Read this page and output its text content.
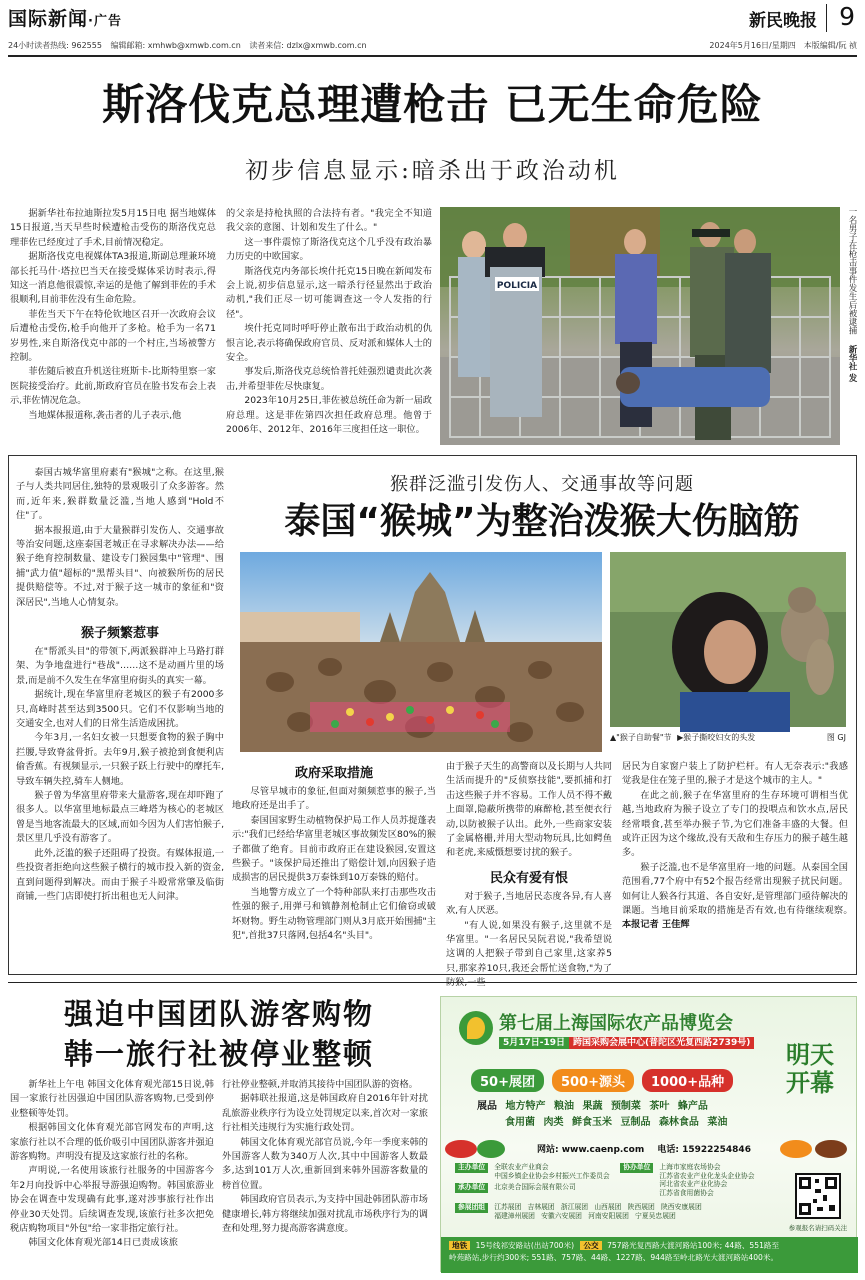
国际新闻·广告	新民晚报 9
24小时读者热线: 962555 编辑邮箱: xmhwb@xmwb.com.cn 读者来信: dzlx@xmwb.com.cn	2024年5月16日/星期四　 本版编辑/阮 祯
斯洛伐克总理遭枪击 已无生命危险
初步信息显示:暗杀出于政治动机

据新华社布拉迪斯拉发5月15日电 据当地媒体15日报道,当天早些时候遭枪击受伤的斯洛伐克总理菲佐已经度过了手术,目前情况稳定。

据斯洛伐克电视媒体TA3报道,斯副总理兼环境部长托马什·塔拉巴当天在接受媒体采访时表示,得知这一消息他很震惊,幸运的是他了解到菲佐的手术很顺利,目前菲佐没有生命危险。

菲佐当天下午在特伦钦地区召开一次政府会议后遭枪击受伤,枪手向他开了多枪。枪手为一名71岁男性,来自斯洛伐克中部的一个村庄,当场被警方控制。

菲佐随后被直升机送往班斯卡-比斯特里察一家医院接受治疗。此前,斯政府官员在脸书发布会上表示,菲佐情况危急。

当地媒体报道称,袭击者的儿子表示,他

的父亲是持枪执照的合法持有者。"我完全不知道我父亲的意图、计划和发生了什么。"

这一事件震惊了斯洛伐克这个几乎没有政治暴力历史的中欧国家。

斯洛伐克内务部长埃什托克15日晚在新闻发布会上说,初步信息显示,这一暗杀行径显然出于政治动机,"我们正尽一切可能调查这一令人发指的行径"。

埃什托克同时呼吁停止散布出于政治动机的仇恨言论,表示将确保政府官员、反对派和媒体人士的安全。

事发后,斯洛伐克总统恰普托娃强烈谴责此次袭击,并希望菲佐尽快康复。

2023年10月25日,菲佐被总统任命为新一届政府总理。这是菲佐第四次担任政府总理。他曾于2006年、2012年、2016年三度担任这一职位。

POLICIA	一名男子在枪击事件发生后被逮捕 新华社 发

泰国古城华富里府素有"猴城"之称。在这里,猴子与人类共同居住,独特的景观吸引了众多游客。然而,近年来,猴群数量泛滥,当地人感到"Hold不住"了。

据本报报道,由于大量猴群引发伤人、交通事故等治安问题,这座泰国老城正在寻求解决办法——给猴子绝育控制数量、建设专门猴园集中"管理"、围捕"武力值"超标的"黑帮头目"、向被猴所伤的居民提供赔偿等。不过,对于猴子这一城市的象征和"资深居民",当地人心情复杂。

猴群泛滥引发伤人、交通事故等问题
泰国“猴城”为整治泼猴大伤脑筋
▲"猴子自助餐"节 ▶猴子撕咬妇女的头发	图 GJ
猴子频繁惹事

在"帮派头目"的带领下,两派猴群冲上马路打群架、为争地盘进行"巷战"……这不是动画片里的场景,而是前不久发生在华富里府街头的真实一幕。

据统计,现在华富里府老城区的猴子有2000多只,高峰时甚至达到3500只。它们不仅影响当地的交通安全,也对人们的日常生活造成困扰。

今年3月,一名妇女被一只想要食物的猴子胸中拦腰,导致脊盆骨折。去年9月,猴子被抢到食便利店偷香蕉。有视频显示,一只猴子跃上行驶中的摩托车,导致车辆失控,骑车人侧地。

猴子曾为华富里府带来大量游客,现在却吓跑了很多人。以华富里地标最点三峰塔为核心的老城区曾是当地客流最大的区域,而如今因为人们害怕猴子,景区里几乎没有游客了。

此外,泛滥的猴子还阻碍了投资。有媒体报道,一些投资者拒绝向这些猴子横行的城市投入新的资金,直到问题得到解决。而由于猴子斗殴常常肇及临街商铺,一些门店即使打折出租也无人问津。

政府采取措施

尽管早城市的象征,但面对频频惹事的猴子,当地政府还是出手了。

泰国国家野生动植物保护局工作人员苏提蓬表示:"我们已经给华富里老城区事故频发区80%的猴子都做了绝育。目前市政府正在建设猴园,安置这些猴子。"该保护局还推出了赔偿计划,向因猴子造成损害的居民提供3万泰铢到10万泰铢的赔付。

当地警方成立了一个特种部队来打击那些攻击性强的猴子,用弹弓和镇静剂枪制止它们偷窃或破坏财物。野生动物管理部门则从3月底开始围捕"主犯",首批37只落网,包括4名"头目"。

由于猴子天生的高警商以及长期与人共同生活而提升的"反侦察技能",要抓捕和打击这些猴子并不容易。工作人员不得不戴上面罩,隐蔽所携带的麻醉枪,甚至便衣行动,以防被猴子认出。此外,一些商家安装了金属格栅,并用大型动物玩具,比如鳄鱼和老虎,来威慑想要讨扰的猴子。

民众有爱有恨

对于猴子,当地居民态度各异,有人喜欢,有人厌恶。

"有人说,如果没有猴子,这里就不是华富里。"一名居民吴阮君说,"我希望说这调的人把猴子带到自己家里,这家养5只,那家养10只,我还会帮忙送食物,"为了

居民为自家窗户装上了防护栏杆。有人无奈表示:"我感觉我是住在笼子里的,猴子才是这个城市的主人。"

在此之前,猴子在华富里府的生存环境可谓相当优越,当地政府为猴子设立了专门的投喂点和饮水点,居民经常喂食,甚至举办猴子节,为它们准备丰盛的大餐。但或许正因为这个缘故,没有天敌和生存压力的猴子越生越多。

猴子泛滥,也不是华富里府一地的问题。从泰国全国范围看,77个府中有52个报告经常出现猴子扰民问题。如何让人猴各行其道、各自安好,是管理部门亟待解决的课题。当地目前采取的措施是否有效,也有待继续观察。　本报记者 王佳辉

强迫中国团队游客购物
韩一旅行社被停业整顿

新华社上午电 韩国文化体育观光部15日说,韩国一家旅行社因强迫中国团队游客购物,已受到停业整顿等处罚。

根据韩国文化体育观光部官网发布的声明,这家旅行社以不合理的低价吸引中国团队游客并强迫游客购物。声明没有提及这家旅行社的名称。

声明说,一名使用该旅行社服务的中国游客今年2月向投诉中心举报导游强迫购物。韩国旅游业协会在调查中发现确有此事,遂对涉事旅行社作出停业30天处罚。后续调查发现,该旅行社多次把免税店购物项目"外包"给一家非指定旅行社。

韩国文化体育观光部14日已责成该旅

行社停业整顿,并取消其接待中国团队游的资格。

据韩联社报道,这是韩国政府自2016年针对扰乱旅游业秩序行为设立处罚规定以来,首次对一家旅行社相关违规行为实施行政处罚。

韩国文化体育观光部官员说,今年一季度来韩的外国游客人数为340万人次,其中中国游客人数最多,达到101万人次,重新回到来韩外国游客数量的榜首位置。

韩国政府官员表示,为支持中国赴韩团队游市场健康增长,韩方将继续加强对扰乱市场秩序行为的调查和处理,努力提高游客满意度。

第七届上海国际农产品博览会
5月17日-19日 跨国采购会展中心(普陀区光复西路2739号)	明天
开幕
50+展团	500+源头	1000+品种
展品 地方特产 粮油 果蔬 预制菜 茶叶 蜂产品
食用菌 肉类 鲜食玉米 豆制品 森林食品 菜油
网站: www.caenp.com 电话: 15922254846
主办单位	全联农业产业商会
中国乡镇企业协会乡村振兴工作委员会
协办单位	上海市家庭农场协会
江苏省农业产业化龙头企业协会
河北省农业产业化协会
江苏省食用菌协会
承办单位	北京美合国际会展有限公司
参展团组	江苏展团 吉林展团 浙江展团 山西展团 陕西展团 陕西安康展团
福建漳州展团 安徽六安展团 河南安阳展团 宁夏吴忠展团
参观报名请扫码关注
地铁 15号线祁安路站(出站700米) 公交 757路光复西路大渡河路站100米; 44路、551路至
岭苑路站,步行约300米; 551路、757路、44路、1227路、944路至岭北路光大渡河路站400米。
